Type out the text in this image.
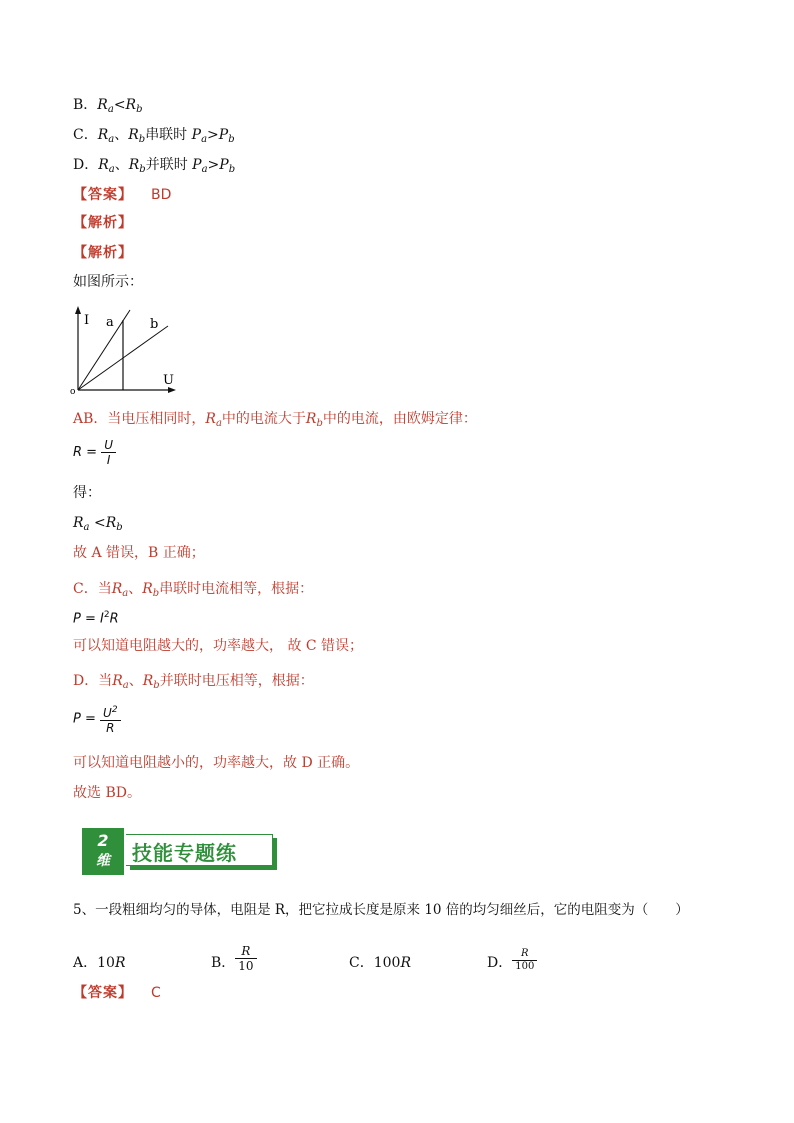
B．$R_a<R_b$
C．$R_a$、$R_b$串联时 $P_a>P_b$
D．$R_a$、$R_b$并联时 $P_a>P_b$
【答案】 BD
【解析】
【解析】
如图所示：
I a	b
U
o
AB．当电压相同时，$R_a$中的电流大于$R_b$中的电流，由欧姆定律：
$R = \frac{U}{I}$
得：
$R_a <R_b$
故 A 错误，B 正确；
C．当$R_a$、$R_b$串联时电流相等，根据：
$P = I^2R$
可以知道电阻越大的，功率越大， 故 C 错误；
D．当$R_a$、$R_b$并联时电压相等，根据：
$P = \frac{U^2}{R}$
可以知道电阻越小的，功率越大，故 D 正确。
故选 BD。
2
维	技能专题练
5、一段粗细均匀的导体，电阻是 R，把它拉成长度是原来 10 倍的均匀细丝后，它的电阻变为（　　）
A．10R	B． $\frac{R}{10}$	C．100R	D． $\frac{R}{100}$
【答案】 C
